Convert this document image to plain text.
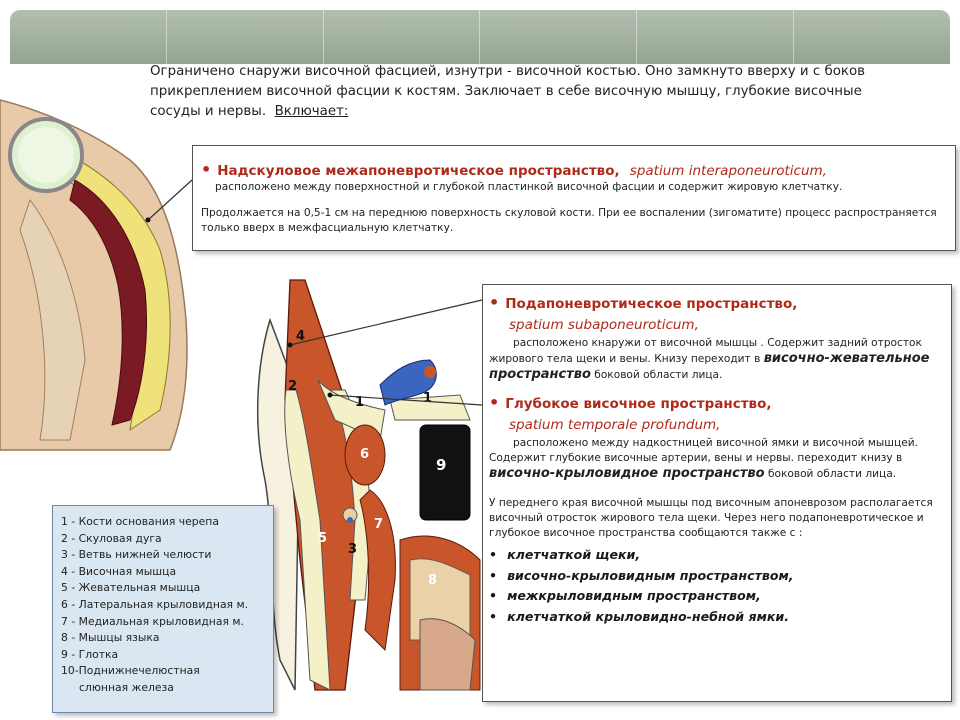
Ограничено снаружи височной фасцией, изнутри - височной костью. Оно замкнуто вверху и с боков прикреплением височной фасции к костям. Заключает в себе височную мышцу, глубокие височные сосуды и нервы. Включает:
1
1
2
3
4
5
6
7
8
9
• Надскуловое межапоневротическое пространство, spatium interaponeuroticum,
расположено между поверхностной и глубокой пластинкой височной фасции и содержит жировую клетчатку.
Продолжается на 0,5-1 см на переднюю поверхность скуловой кости. При ее воспалении (зигоматите) процесс распространяется только вверх в межфасциальную клетчатку.
• Подапоневротическое пространство,
spatium subaponeuroticum,
расположено кнаружи от височной мышцы . Содержит задний отросток жирового тела щеки и вены. Книзу переходит в височно-жевательное пространство боковой области лица.
• Глубокое височное пространство,
spatium temporale profundum,
расположено между надкостницей височной ямки и височной мышцей. Содержит глубокие височные артерии, вены и нервы. переходит книзу в височно-крыловидное пространство боковой области лица.
У переднего края височной мышцы под височным апоневрозом располагается височный отросток жирового тела щеки. Через него подапоневротическое и глубокое височное пространства сообщаются также с :
• клетчаткой щеки,
• височно-крыловидным пространством,
• межкрыловидным пространством,
• клетчаткой крыловидно-небной ямки.
1 - Кости основания черепа
2 - Скуловая дуга
3 - Ветвь нижней челюсти
4 - Височная мышца
5 - Жевательная мышца
6 - Латеральная крыловидная м.
7 - Медиальная крыловидная м.
8 - Мышцы языка
9 - Глотка
10-Поднижнечелюстная
слюнная железа
